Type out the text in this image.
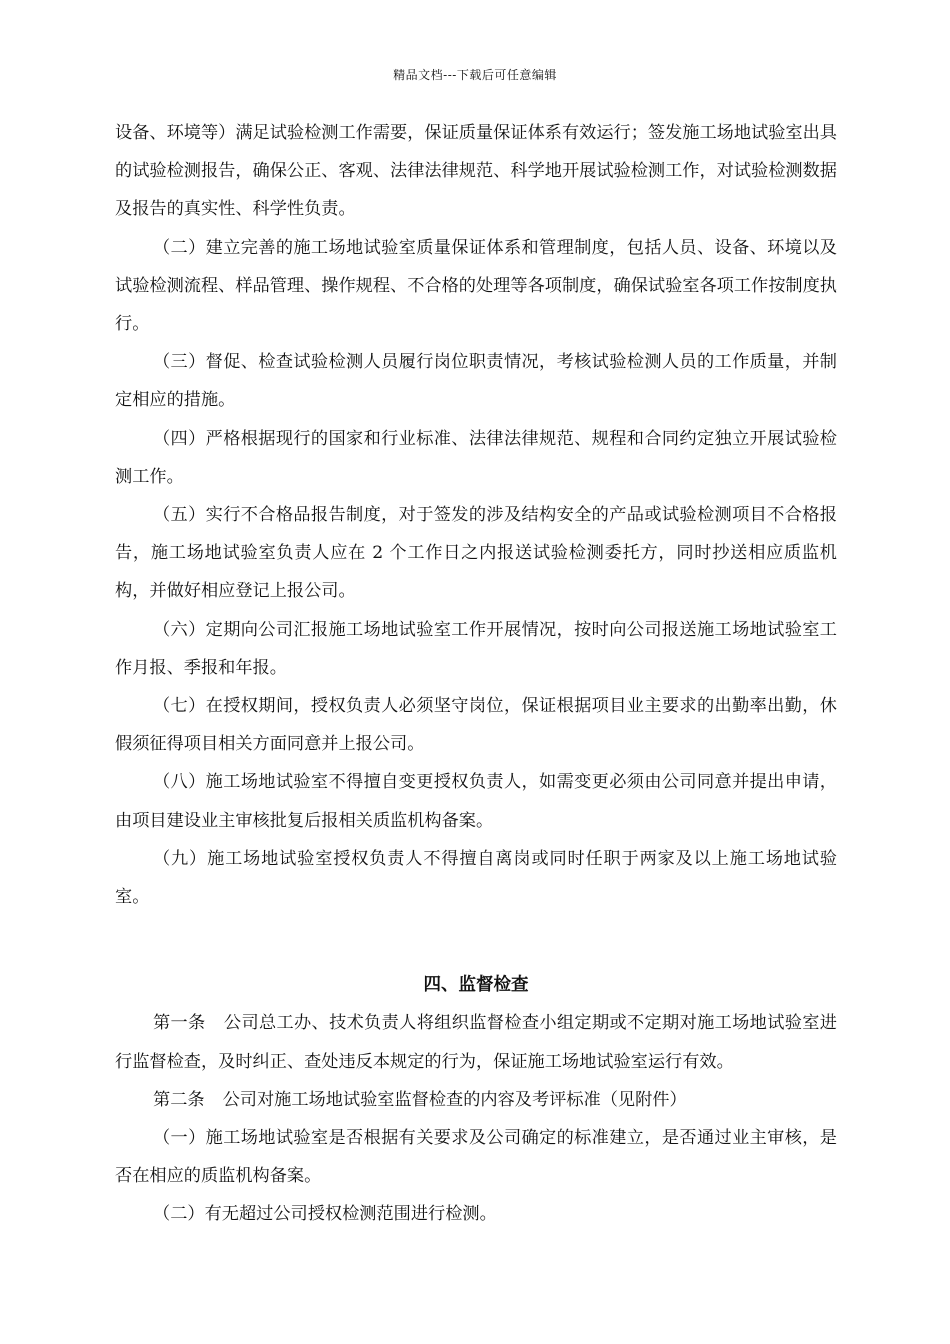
精品文档---下载后可任意编辑

设备、环境等）满足试验检测工作需要，保证质量保证体系有效运行；签发施工场地试验室出具的试验检测报告，确保公正、客观、法律法律规范、科学地开展试验检测工作，对试验检测数据及报告的真实性、科学性负责。

（二）建立完善的施工场地试验室质量保证体系和管理制度，包括人员、设备、环境以及试验检测流程、样品管理、操作规程、不合格的处理等各项制度，确保试验室各项工作按制度执行。

（三）督促、检查试验检测人员履行岗位职责情况，考核试验检测人员的工作质量，并制定相应的措施。

（四）严格根据现行的国家和行业标准、法律法律规范、规程和合同约定独立开展试验检测工作。

（五）实行不合格品报告制度，对于签发的涉及结构安全的产品或试验检测项目不合格报告，施工场地试验室负责人应在 2 个工作日之内报送试验检测委托方，同时抄送相应质监机构，并做好相应登记上报公司。

（六）定期向公司汇报施工场地试验室工作开展情况，按时向公司报送施工场地试验室工作月报、季报和年报。

（七）在授权期间，授权负责人必须坚守岗位，保证根据项目业主要求的出勤率出勤，休假须征得项目相关方面同意并上报公司。

（八）施工场地试验室不得擅自变更授权负责人，如需变更必须由公司同意并提出申请，由项目建设业主审核批复后报相关质监机构备案。

（九）施工场地试验室授权负责人不得擅自离岗或同时任职于两家及以上施工场地试验室。

四、监督检查

第一条 公司总工办、技术负责人将组织监督检查小组定期或不定期对施工场地试验室进行监督检查，及时纠正、查处违反本规定的行为，保证施工场地试验室运行有效。

第二条 公司对施工场地试验室监督检查的内容及考评标准（见附件）

（一）施工场地试验室是否根据有关要求及公司确定的标准建立，是否通过业主审核，是否在相应的质监机构备案。

（二）有无超过公司授权检测范围进行检测。
